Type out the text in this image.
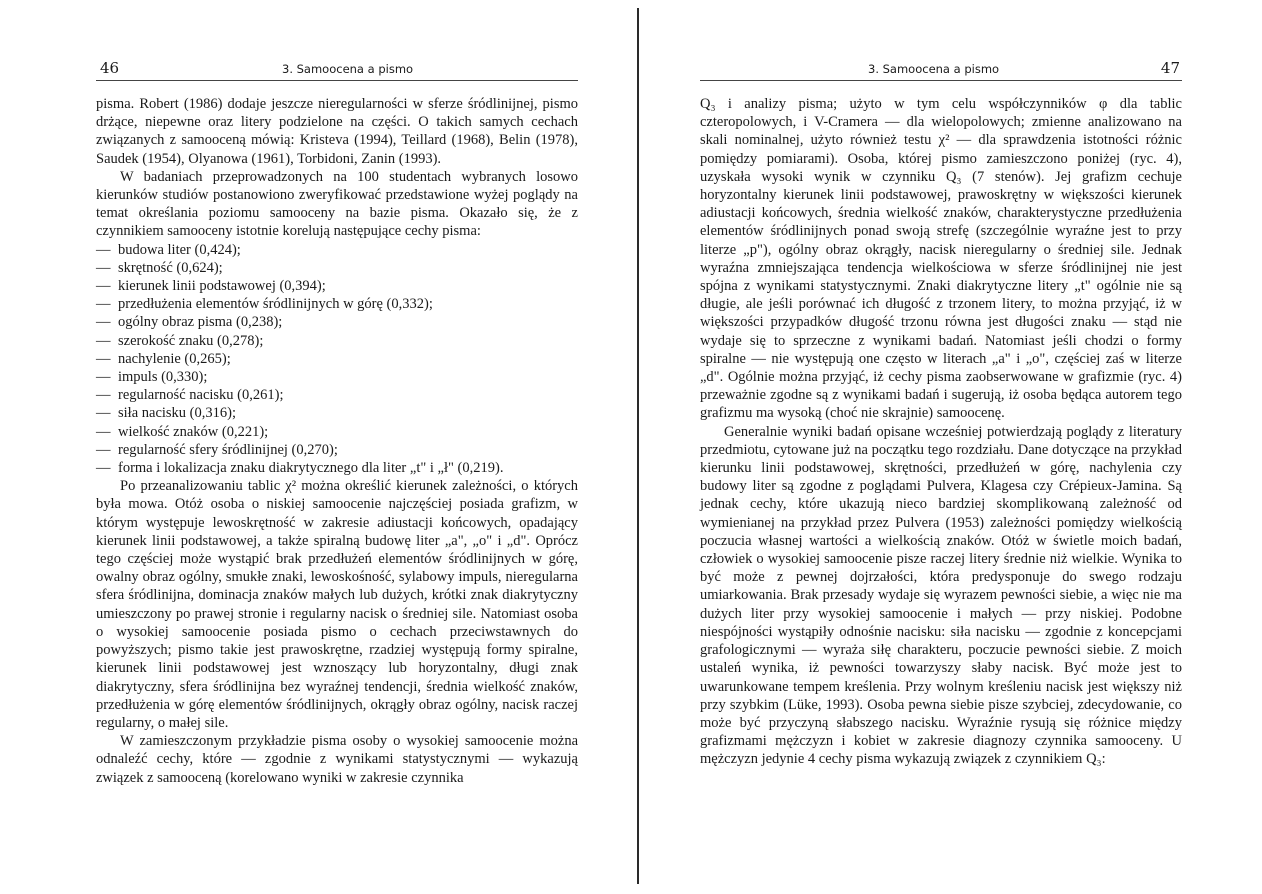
46	3. Samoocena a pismo

pisma. Robert (1986) dodaje jeszcze nieregularności w sferze śródlinijnej, pismo drżące, niepewne oraz litery podzielone na części. O takich samych cechach związanych z samooceną mówią: Kristeva (1994), Teillard (1968), Belin (1978), Saudek (1954), Olyanowa (1961), Torbidoni, Zanin (1993).

W badaniach przeprowadzonych na 100 studentach wybranych losowo kierunków studiów postanowiono zweryfikować przedstawione wyżej poglądy na temat określania poziomu samooceny na bazie pisma. Okazało się, że z czynnikiem samooceny istotnie korelują następujące cechy pisma:

— budowa liter (0,424);
— skrętność (0,624);
— kierunek linii podstawowej (0,394);
— przedłużenia elementów śródlinijnych w górę (0,332);
— ogólny obraz pisma (0,238);
— szerokość znaku (0,278);
— nachylenie (0,265);
— impuls (0,330);
— regularność nacisku (0,261);
— siła nacisku (0,316);
— wielkość znaków (0,221);
— regularność sfery śródlinijnej (0,270);
— forma i lokalizacja znaku diakrytycznego dla liter „t" i „ł" (0,219).

Po przeanalizowaniu tablic χ² można określić kierunek zależności, o których była mowa. Otóż osoba o niskiej samoocenie najczęściej posiada grafizm, w którym występuje lewoskrętność w zakresie adiustacji końcowych, opadający kierunek linii podstawowej, a także spiralną budowę liter „a", „o" i „d". Oprócz tego częściej może wystąpić brak przedłużeń elementów śródlinijnych w górę, owalny obraz ogólny, smukłe znaki, lewoskośność, sylabowy impuls, nieregularna sfera śródlinijna, dominacja znaków małych lub dużych, krótki znak diakrytyczny umieszczony po prawej stronie i regularny nacisk o średniej sile. Natomiast osoba o wysokiej samoocenie posiada pismo o cechach przeciwstawnych do powyższych; pismo takie jest prawoskrętne, rzadziej występują formy spiralne, kierunek linii podstawowej jest wznoszący lub horyzontalny, długi znak diakrytyczny, sfera śródlinijna bez wyraźnej tendencji, średnia wielkość znaków, przedłużenia w górę elementów śródlinijnych, okrągły obraz ogólny, nacisk raczej regularny, o małej sile.

W zamieszczonym przykładzie pisma osoby o wysokiej samoocenie można odnaleźć cechy, które — zgodnie z wynikami statystycznymi — wykazują związek z samooceną (korelowano wyniki w zakresie czynnika

3. Samoocena a pismo	47

Q₃ i analizy pisma; użyto w tym celu współczynników φ dla tablic czteropolowych, i V-Cramera — dla wielopolowych; zmienne analizowano na skali nominalnej, użyto również testu χ² — dla sprawdzenia istotności różnic pomiędzy pomiarami). Osoba, której pismo zamieszczono poniżej (ryc. 4), uzyskała wysoki wynik w czynniku Q₃ (7 stenów). Jej grafizm cechuje horyzontalny kierunek linii podstawowej, prawoskrętny w większości kierunek adiustacji końcowych, średnia wielkość znaków, charakterystyczne przedłużenia elementów śródlinijnych ponad swoją strefę (szczególnie wyraźne jest to przy literze „p"), ogólny obraz okrągły, nacisk nieregularny o średniej sile. Jednak wyraźna zmniejszająca tendencja wielkościowa w sferze śródlinijnej nie jest spójna z wynikami statystycznymi. Znaki diakrytyczne litery „t" ogólnie nie są długie, ale jeśli porównać ich długość z trzonem litery, to można przyjąć, iż w większości przypadków długość trzonu równa jest długości znaku — stąd nie wydaje się to sprzeczne z wynikami badań. Natomiast jeśli chodzi o formy spiralne — nie występują one często w literach „a" i „o", częściej zaś w literze „d". Ogólnie można przyjąć, iż cechy pisma zaobserwowane w grafizmie (ryc. 4) przeważnie zgodne są z wynikami badań i sugerują, iż osoba będąca autorem tego grafizmu ma wysoką (choć nie skrajnie) samoocenę.

Generalnie wyniki badań opisane wcześniej potwierdzają poglądy z literatury przedmiotu, cytowane już na początku tego rozdziału. Dane dotyczące na przykład kierunku linii podstawowej, skrętności, przedłużeń w górę, nachylenia czy budowy liter są zgodne z poglądami Pulvera, Klagesa czy Crépieux-Jamina. Są jednak cechy, które ukazują nieco bardziej skomplikowaną zależność od wymienianej na przykład przez Pulvera (1953) zależności pomiędzy wielkością poczucia własnej wartości a wielkością znaków. Otóż w świetle moich badań, człowiek o wysokiej samoocenie pisze raczej litery średnie niż wielkie. Wynika to być może z pewnej dojrzałości, która predysponuje do swego rodzaju umiarkowania. Brak przesady wydaje się wyrazem pewności siebie, a więc nie ma dużych liter przy wysokiej samoocenie i małych — przy niskiej. Podobne niespójności wystąpiły odnośnie nacisku: siła nacisku — zgodnie z koncepcjami grafologicznymi — wyraża siłę charakteru, poczucie pewności siebie. Z moich ustaleń wynika, iż pewności towarzyszy słaby nacisk. Być może jest to uwarunkowane tempem kreślenia. Przy wolnym kreśleniu nacisk jest większy niż przy szybkim (Lüke, 1993). Osoba pewna siebie pisze szybciej, zdecydowanie, co może być przyczyną słabszego nacisku. Wyraźnie rysują się różnice między grafizmami mężczyzn i kobiet w zakresie diagnozy czynnika samooceny. U mężczyzn jedynie 4 cechy pisma wykazują związek z czynnikiem Q₃:
